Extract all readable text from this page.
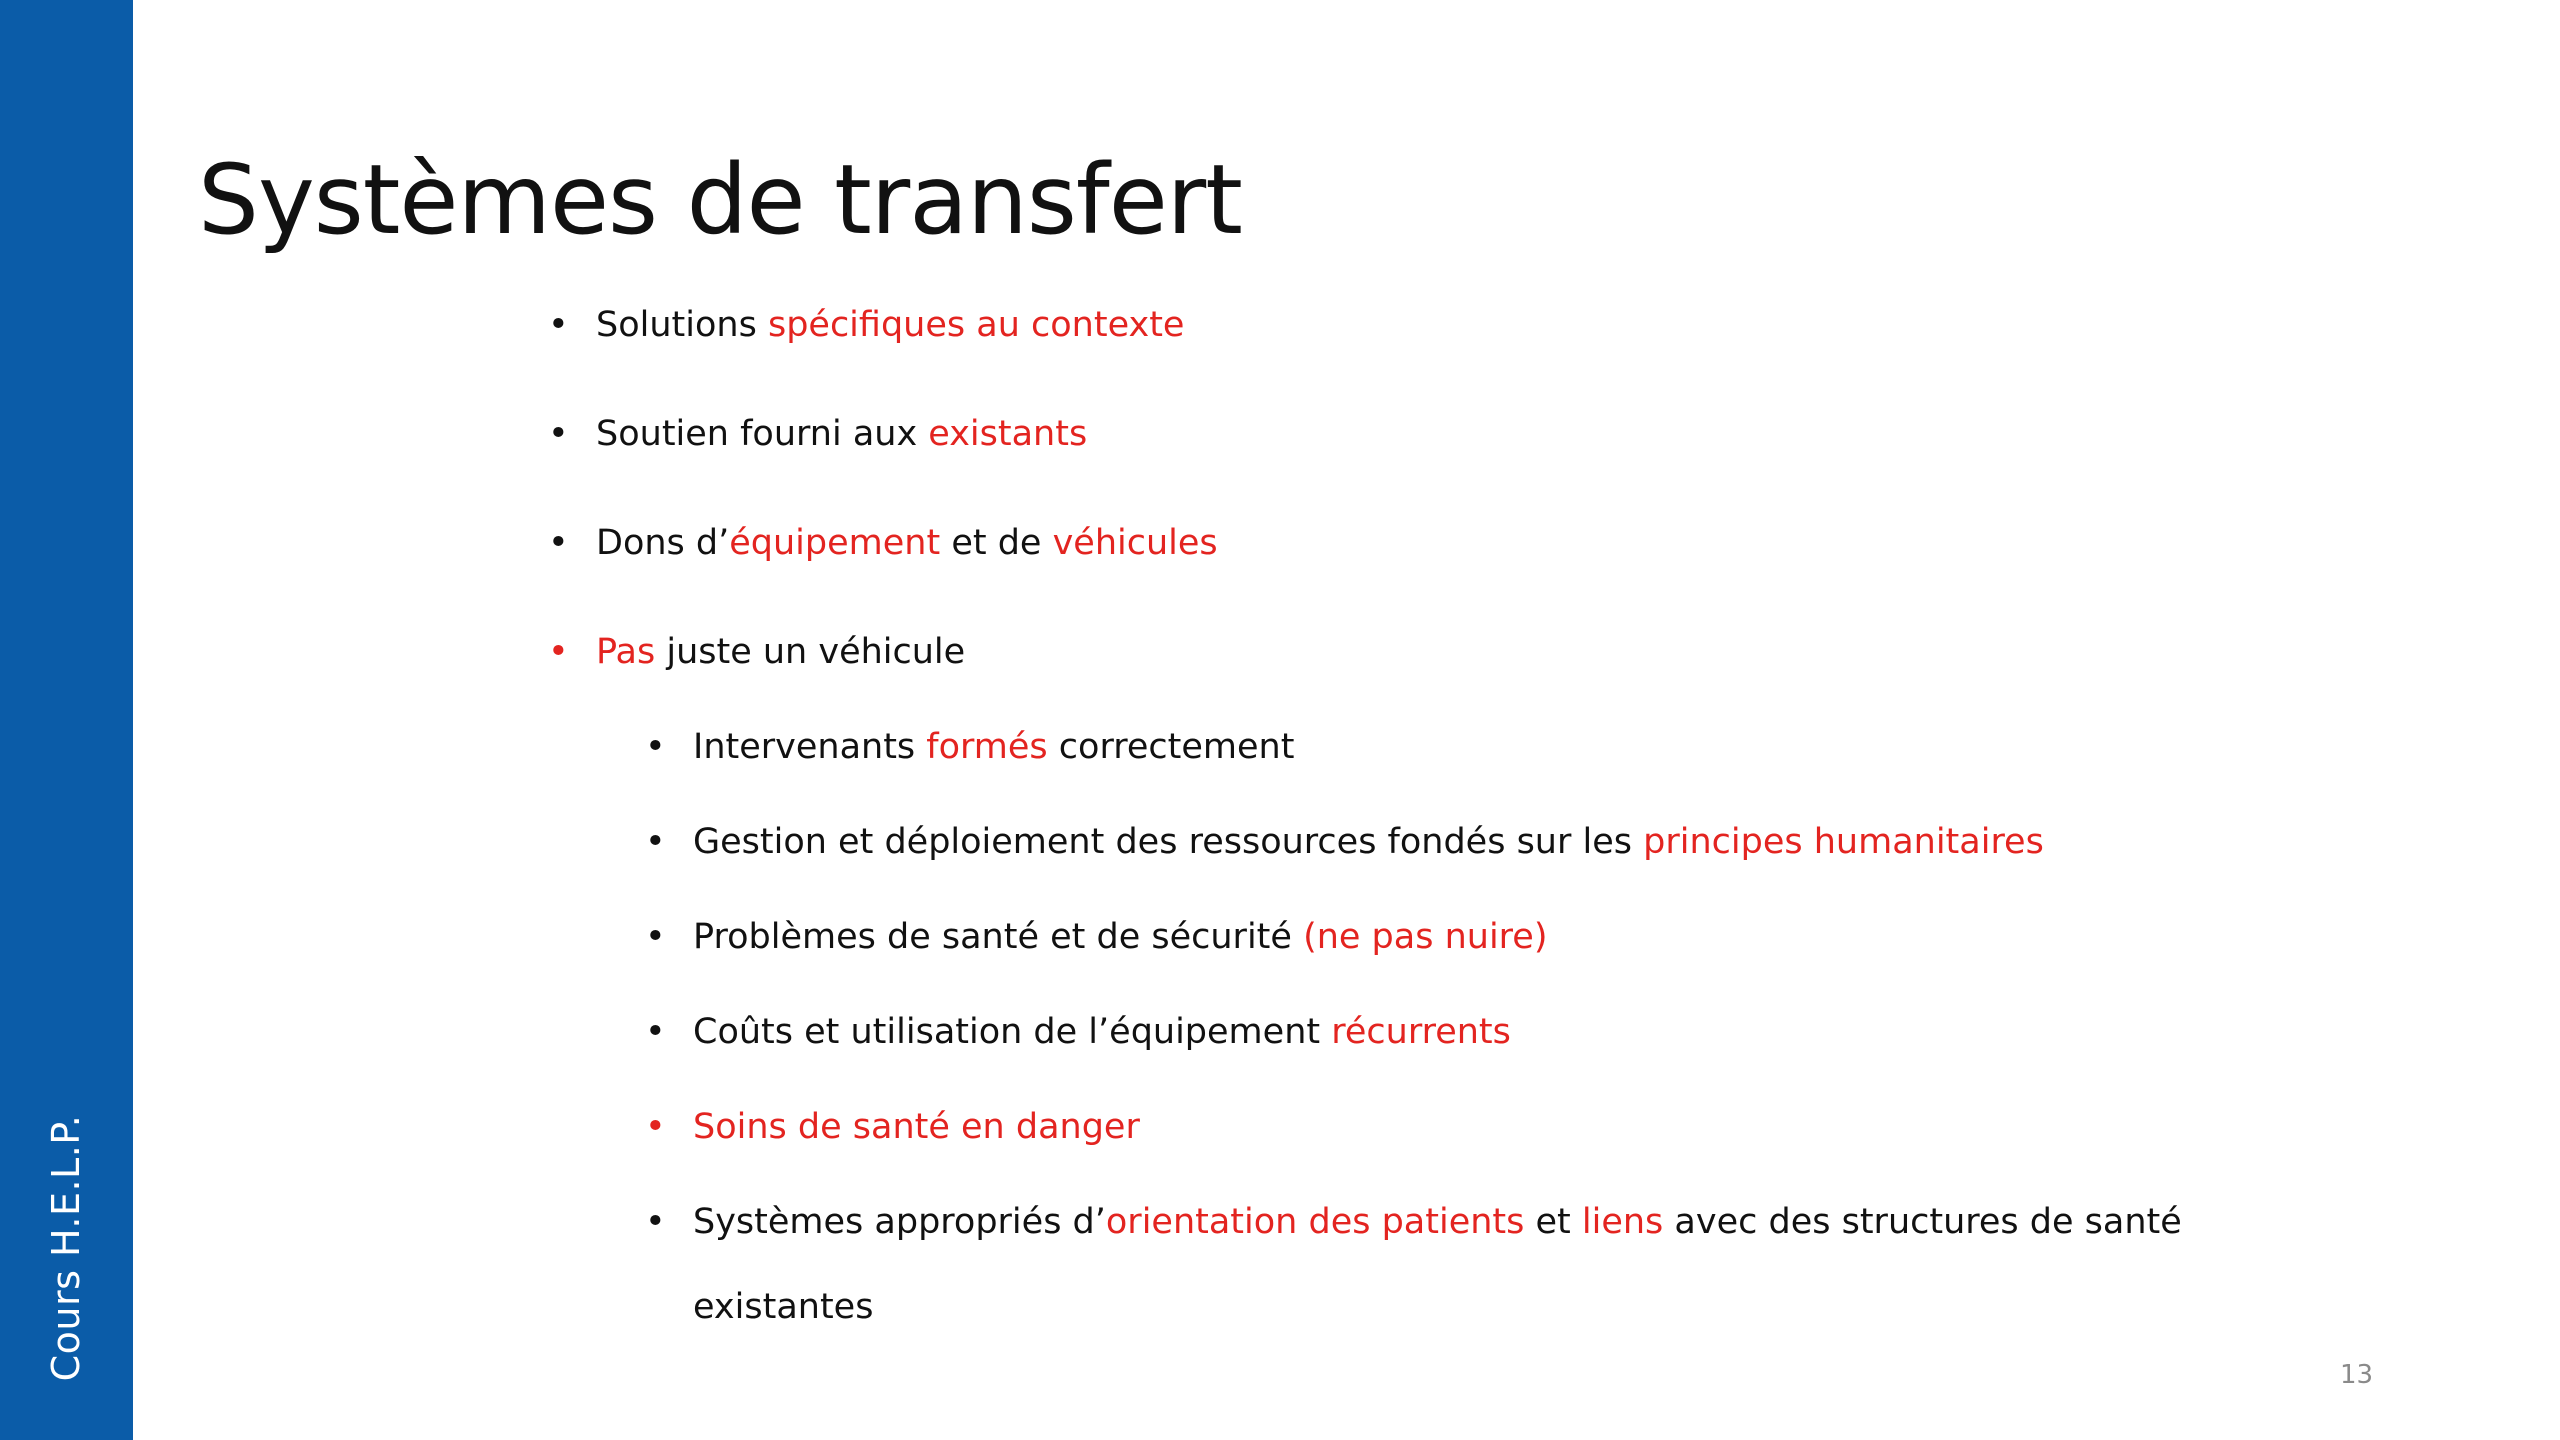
Cours H.E.L.P.
Systèmes de transfert
• Solutions spécifiques au contexte
• Soutien fourni aux existants
• Dons d’équipement et de véhicules
• Pas juste un véhicule
• Intervenants formés correctement
• Gestion et déploiement des ressources fondés sur les principes humanitaires
• Problèmes de santé et de sécurité (ne pas nuire)
• Coûts et utilisation de l’équipement récurrents
• Soins de santé en danger
• Systèmes appropriés d’orientation des patients et liens avec des structures de santé
existantes
13
